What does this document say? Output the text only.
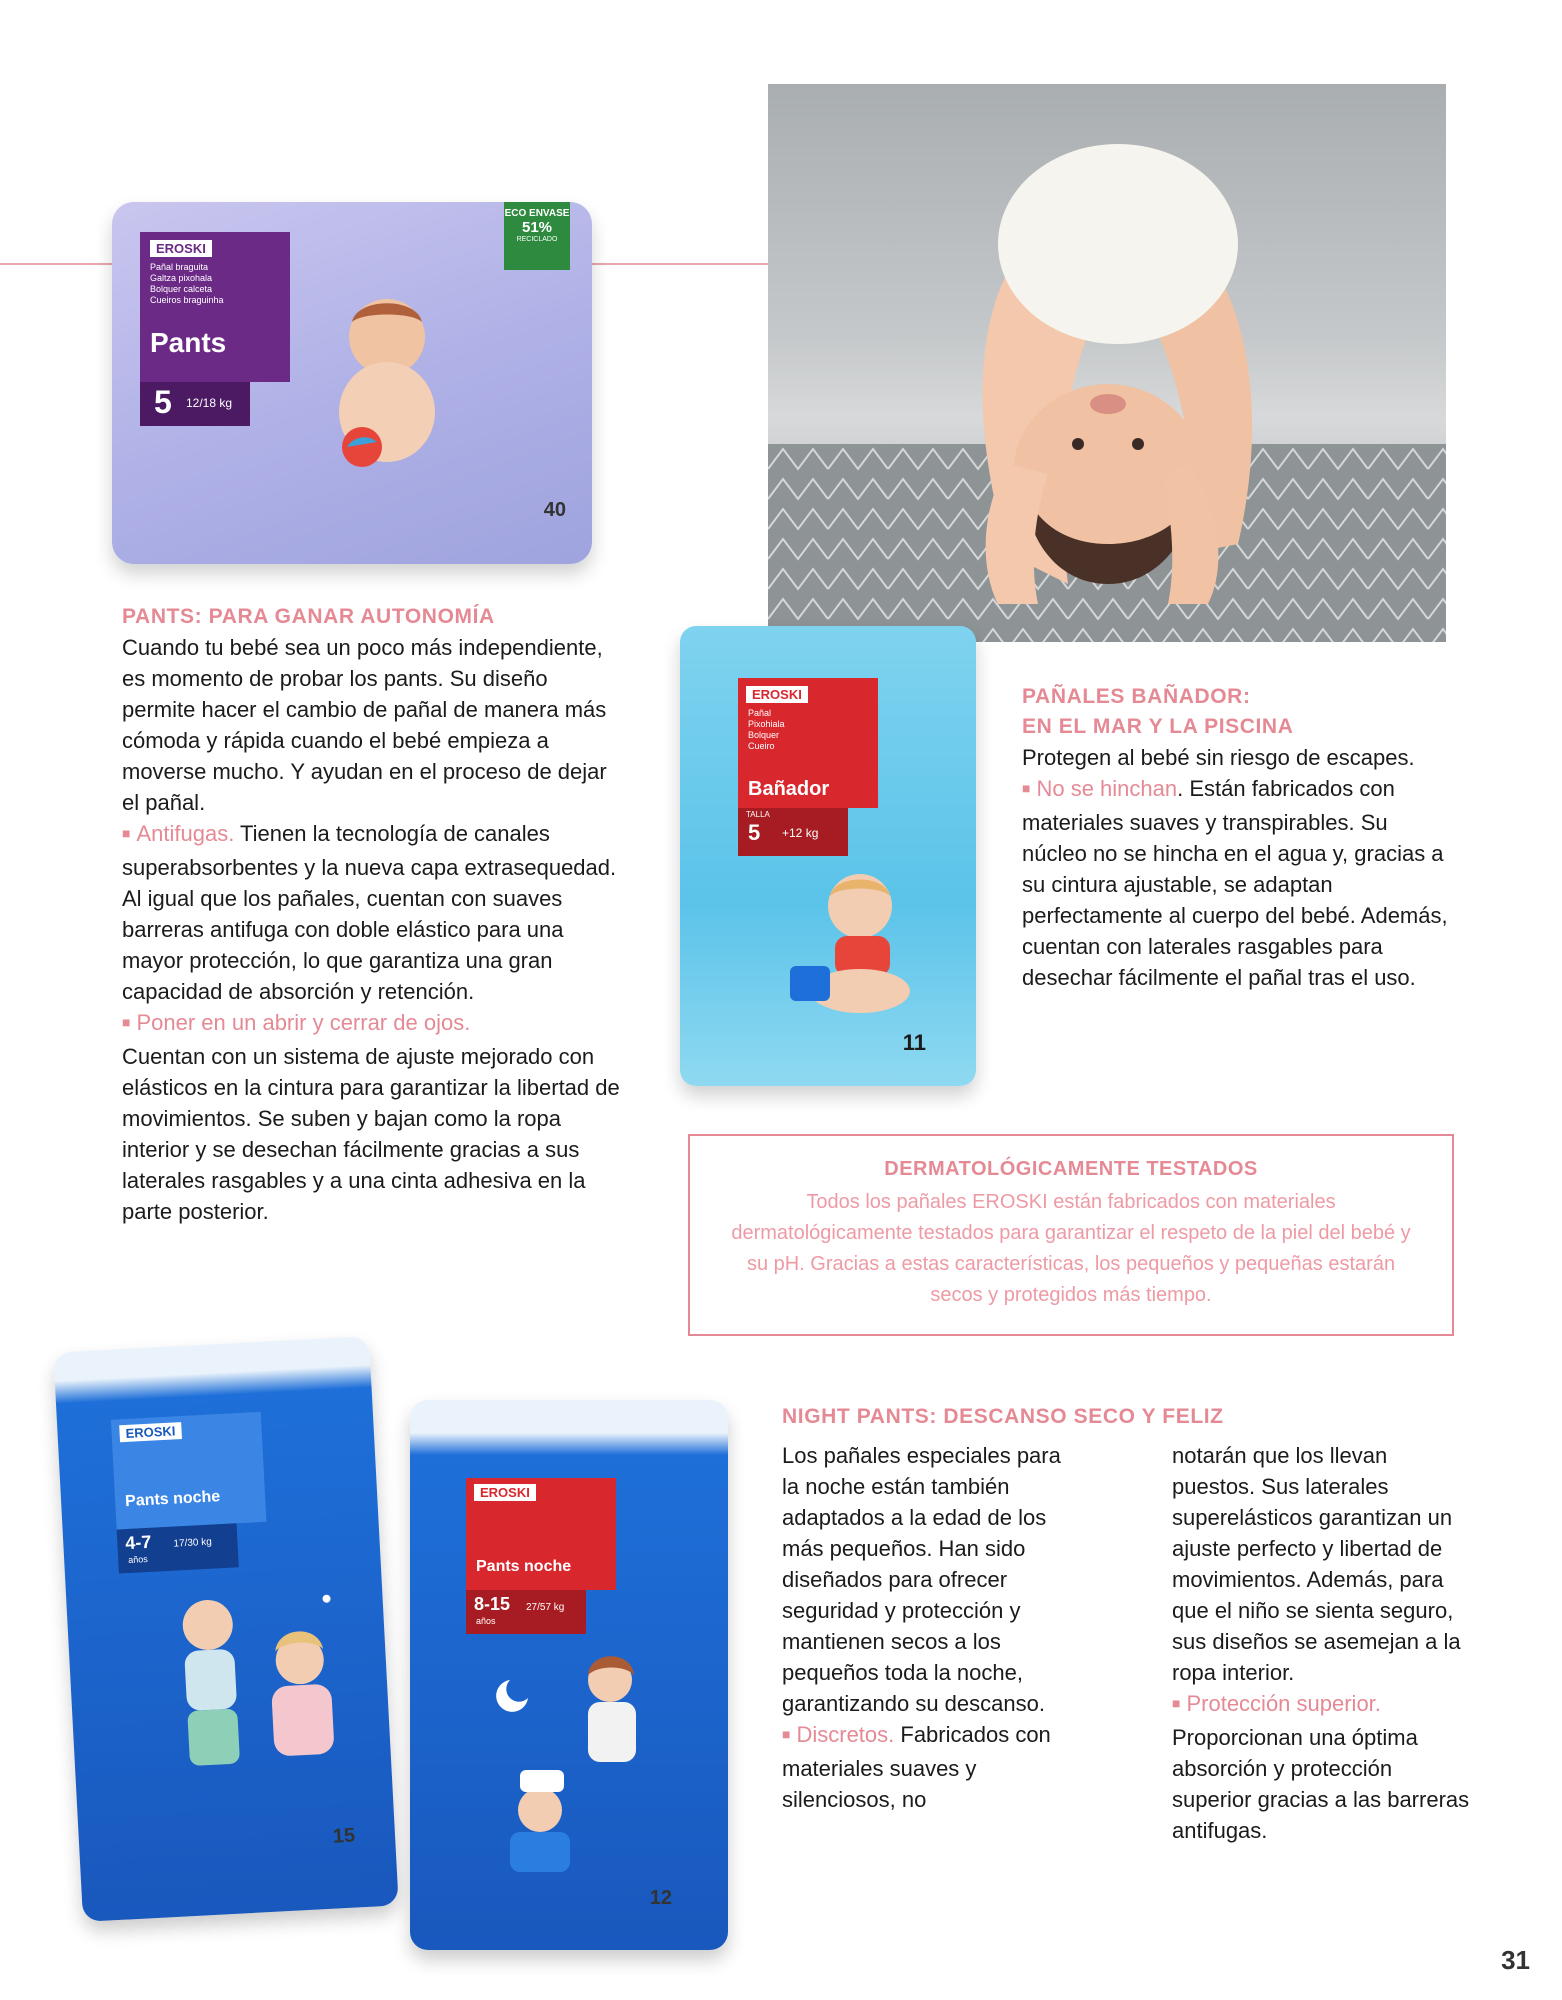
EROSKI
Pañal braguita
Galtza pixohala
Bolquer calceta
Cueiros braguinha
Pants
5 12/18 kg
ECO ENVASE
51%
RECICLADO
40
PANTS: PARA GANAR AUTONOMÍA

Cuando tu bebé sea un poco más independiente, es momento de probar los pants. Su diseño permite hacer el cambio de pañal de manera más cómoda y rápida cuando el bebé empieza a moverse mucho. Y ayudan en el proceso de dejar el pañal.

■ Antifugas. Tienen la tecnología de canales superabsorbentes y la nueva capa extrasequedad. Al igual que los pañales, cuentan con suaves barreras antifuga con doble elástico para una mayor protección, lo que garantiza una gran capacidad de absorción y retención.

■ Poner en un abrir y cerrar de ojos.

Cuentan con un sistema de ajuste mejorado con elásticos en la cintura para garantizar la libertad de movimientos. Se suben y bajan como la ropa interior y se desechan fácilmente gracias a sus laterales rasgables y a una cinta adhesiva en la parte posterior.

EROSKI
Pañal
Pixohiala
Bolquer
Cueiro
Bañador
TALLA
5 +12 kg
11
PAÑALES BAÑADOR:
EN EL MAR Y LA PISCINA

Protegen al bebé sin riesgo de escapes.

■ No se hinchan. Están fabricados con materiales suaves y transpirables. Su núcleo no se hincha en el agua y, gracias a su cintura ajustable, se adaptan perfectamente al cuerpo del bebé. Además, cuentan con laterales rasgables para desechar fácilmente el pañal tras el uso.

DERMATOLÓGICAMENTE TESTADOS
Todos los pañales EROSKI están fabricados con materiales dermatológicamente testados para garantizar el respeto de la piel del bebé y su pH. Gracias a estas características, los pequeños y pequeñas estarán secos y protegidos más tiempo.
EROSKI
Pants noche
4-7
años
17/30 kg
15
EROSKI
Pants noche
8-15
años
27/57 kg
12
NIGHT PANTS: DESCANSO SECO Y FELIZ

Los pañales especiales para la noche están también adaptados a la edad de los más pequeños. Han sido diseñados para ofrecer seguridad y protección y mantienen secos a los pequeños toda la noche, garantizando su descanso.

■ Discretos. Fabricados con materiales suaves y silenciosos, no

notarán que los llevan puestos. Sus laterales superelásticos garantizan un ajuste perfecto y libertad de movimientos. Además, para que el niño se sienta seguro, sus diseños se asemejan a la ropa interior.

■ Protección superior.

Proporcionan una óptima absorción y protección superior gracias a las barreras antifugas.

31
